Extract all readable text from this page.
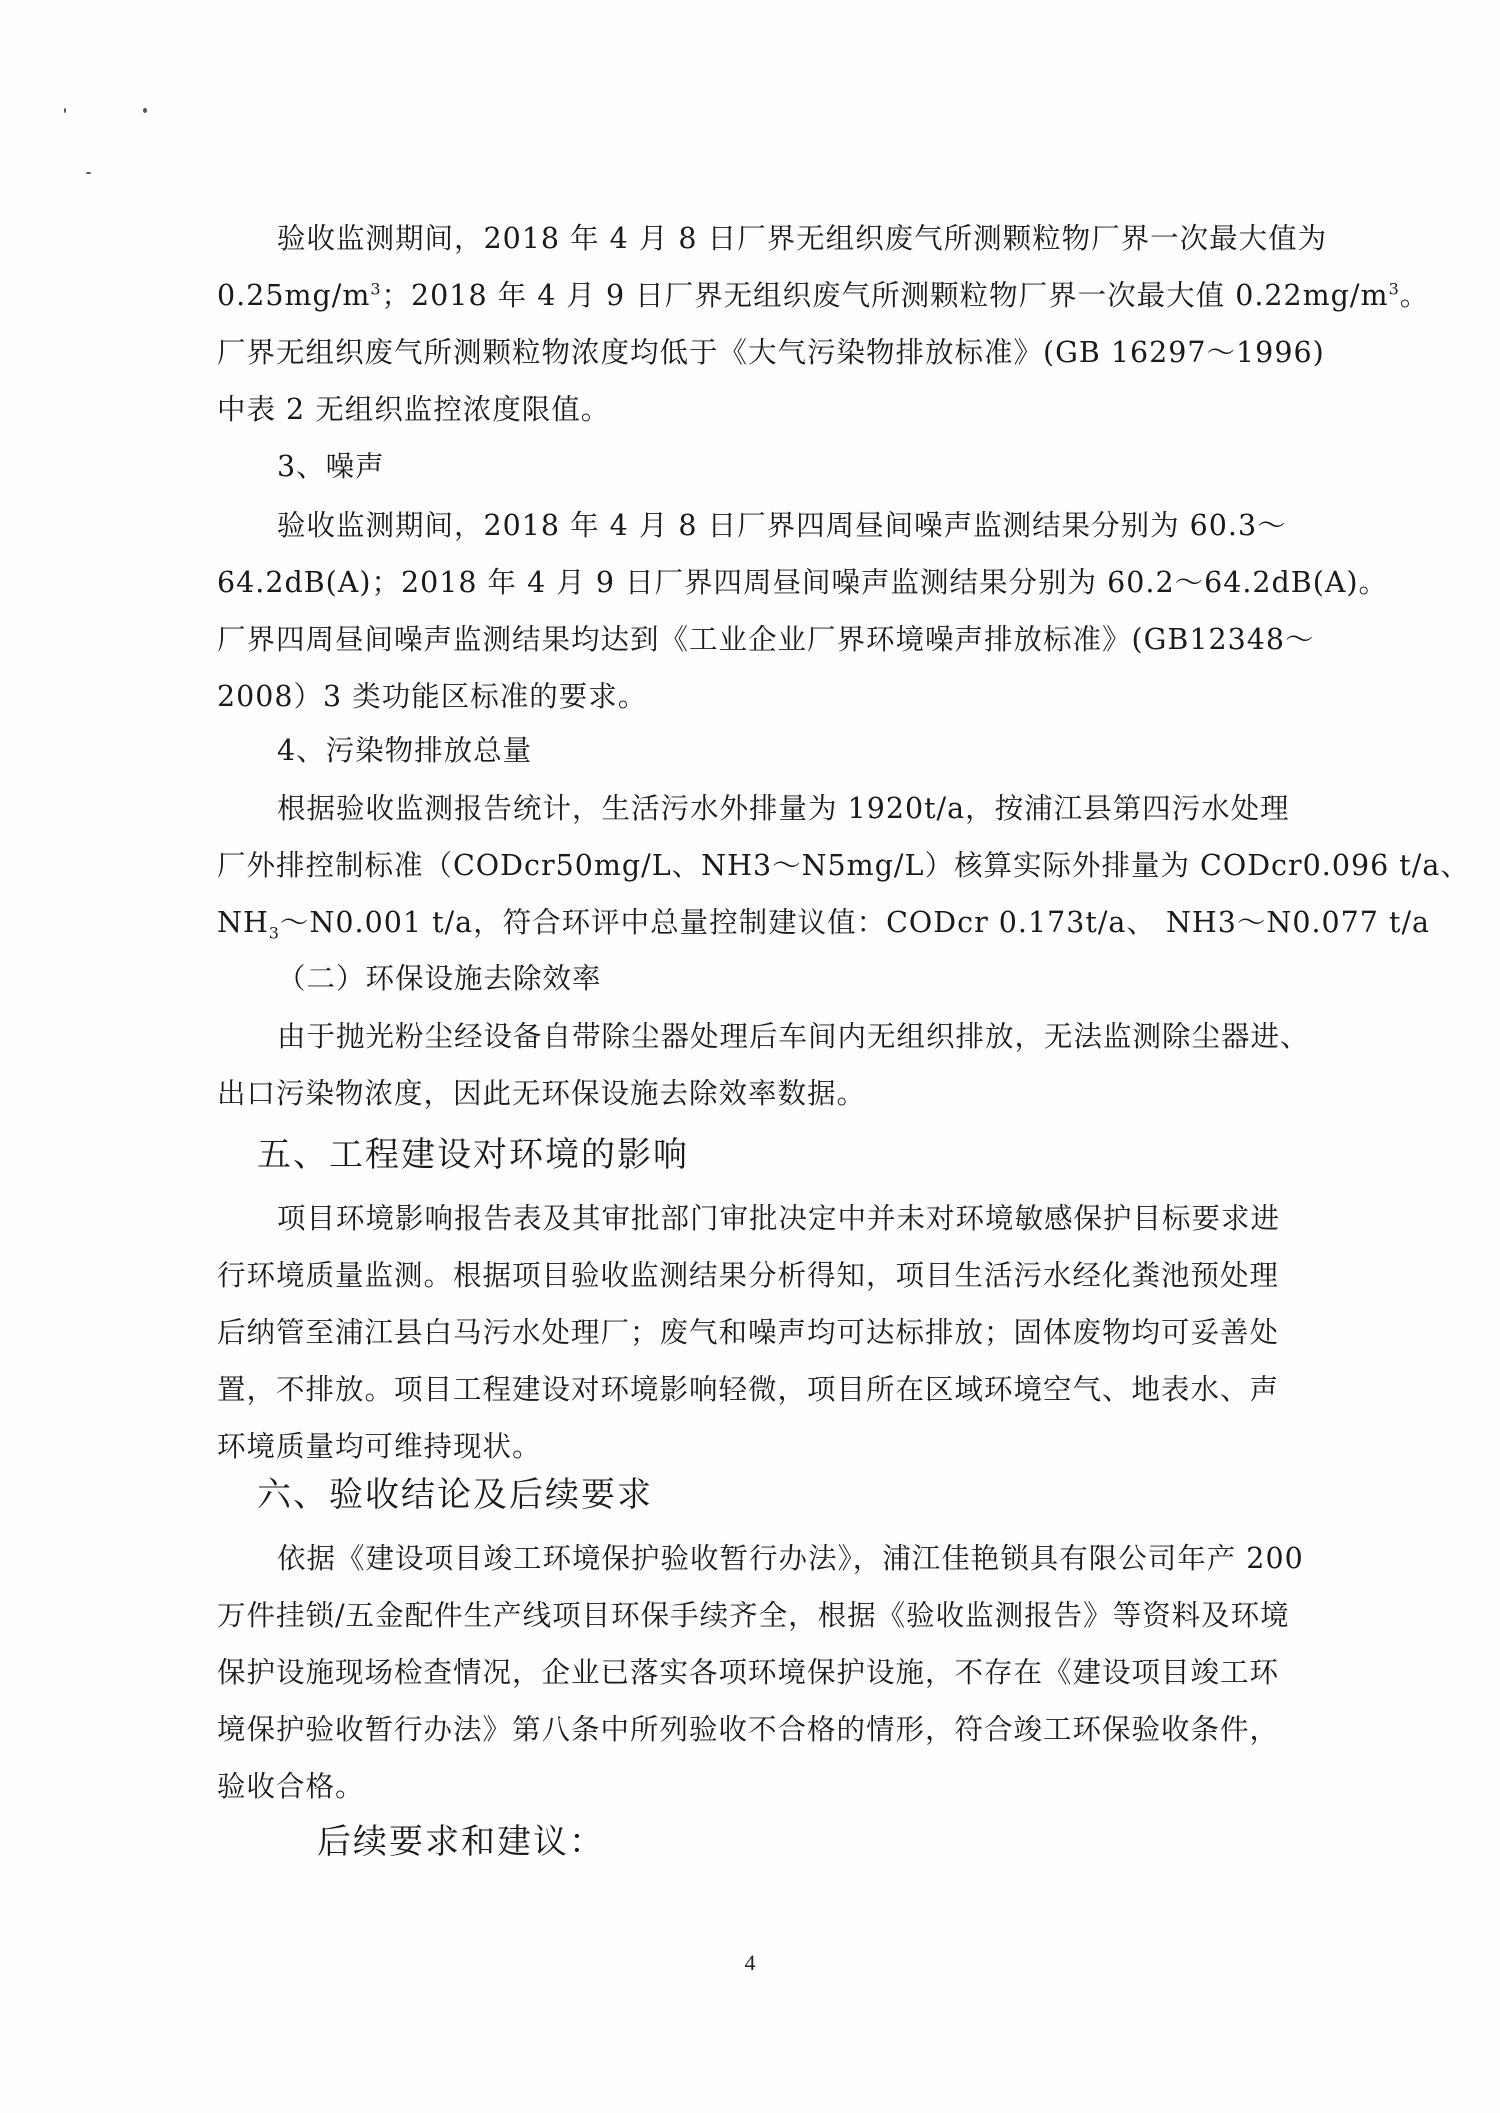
验收监测期间，2018 年 4 月 8 日厂界无组织废气所测颗粒物厂界一次最大值为
$0.25mg/m^3$；2018 年 4 月 9 日厂界无组织废气所测颗粒物厂界一次最大值 $0.22mg/m^3$。
厂界无组织废气所测颗粒物浓度均低于《大气污染物排放标准》(GB 16297～1996)
中表 2 无组织监控浓度限值。

3、噪声

验收监测期间，2018 年 4 月 8 日厂界四周昼间噪声监测结果分别为 60.3～
64.2dB(A)；2018 年 4 月 9 日厂界四周昼间噪声监测结果分别为 60.2～64.2dB(A)。
厂界四周昼间噪声监测结果均达到《工业企业厂界环境噪声排放标准》(GB12348～
2008）3 类功能区标准的要求。

4、污染物排放总量

根据验收监测报告统计，生活污水外排量为 1920t/a，按浦江县第四污水处理
厂外排控制标准（CODcr50mg/L、NH3～N5mg/L）核算实际外排量为 CODcr0.096 t/a、
$NH_3\sim N0.001$ t/a，符合环评中总量控制建议值：CODcr 0.173t/a、 NH3～N0.077 t/a

（二）环保设施去除效率

由于抛光粉尘经设备自带除尘器处理后车间内无组织排放，无法监测除尘器进、
出口污染物浓度，因此无环保设施去除效率数据。
五、工程建设对环境的影响
项目环境影响报告表及其审批部门审批决定中并未对环境敏感保护目标要求进
行环境质量监测。根据项目验收监测结果分析得知，项目生活污水经化粪池预处理
后纳管至浦江县白马污水处理厂；废气和噪声均可达标排放；固体废物均可妥善处
置，不排放。项目工程建设对环境影响轻微，项目所在区域环境空气、地表水、声
环境质量均可维持现状。
六、验收结论及后续要求
依据《建设项目竣工环境保护验收暂行办法》，浦江佳艳锁具有限公司年产 200
万件挂锁/五金配件生产线项目环保手续齐全，根据《验收监测报告》等资料及环境
保护设施现场检查情况，企业已落实各项环境保护设施，不存在《建设项目竣工环
境保护验收暂行办法》第八条中所列验收不合格的情形，符合竣工环保验收条件，
验收合格。
后续要求和建议：
4
